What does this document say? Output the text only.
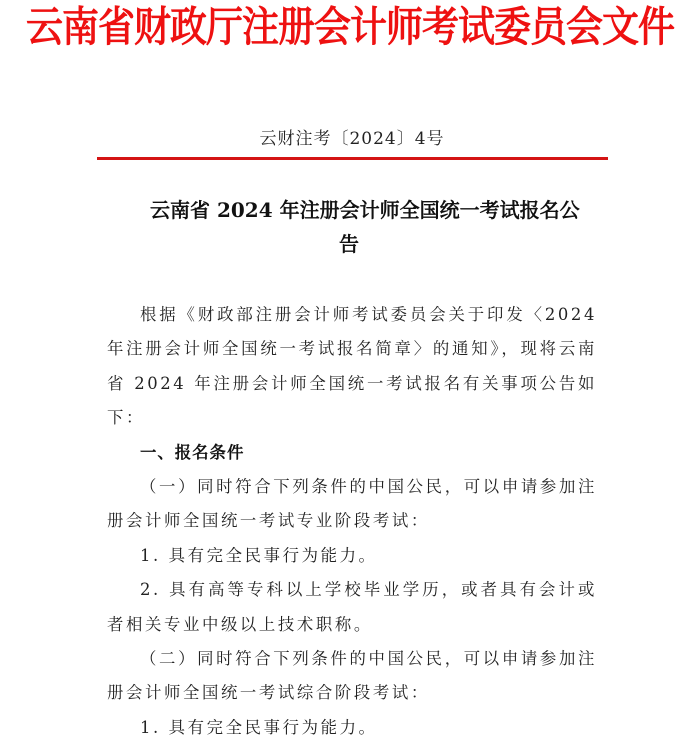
云南省财政厅注册会计师考试委员会文件
云财注考〔2024〕4号
云南省 2024 年注册会计师全国统一考试报名公
告

根据《财政部注册会计师考试委员会关于印发〈2024 年注册会计师全国统一考试报名简章〉的通知》，现将云南省 2024 年注册会计师全国统一考试报名有关事项公告如下：

一、报名条件

（一）同时符合下列条件的中国公民，可以申请参加注册会计师全国统一考试专业阶段考试：

1. 具有完全民事行为能力。

2. 具有高等专科以上学校毕业学历，或者具有会计或者相关专业中级以上技术职称。

（二）同时符合下列条件的中国公民，可以申请参加注册会计师全国统一考试综合阶段考试：

1. 具有完全民事行为能力。
